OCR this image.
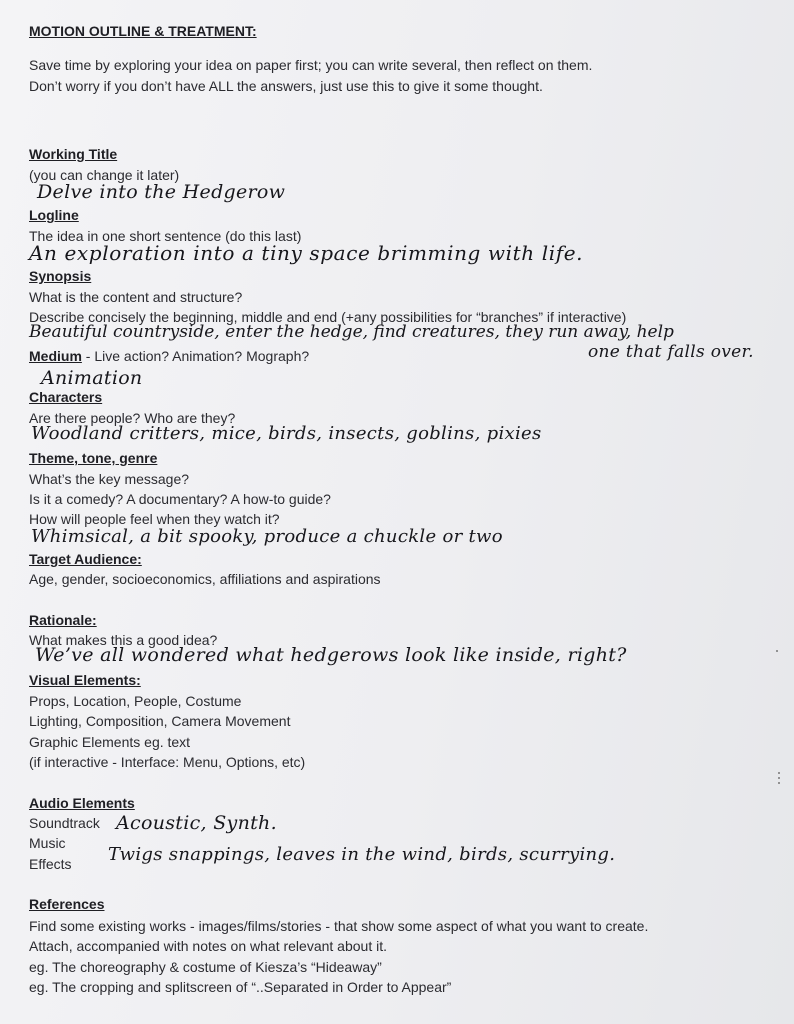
MOTION OUTLINE & TREATMENT:
Save time by exploring your idea on paper first; you can write several, then reflect on them.
Don’t worry if you don’t have ALL the answers, just use this to give it some thought.
Working Title
(you can change it later)
Delve into the Hedgerow
Logline
The idea in one short sentence (do this last)
An exploration into a tiny space brimming with life.
Synopsis
What is the content and structure?
Describe concisely the beginning, middle and end (+any possibilities for “branches” if interactive)
Beautiful countryside, enter the hedge, find creatures, they run away, help
one that falls over.
Medium - Live action? Animation? Mograph?
Animation
Characters
Are there people? Who are they?
Woodland critters, mice, birds, insects, goblins, pixies
Theme, tone, genre
What’s the key message?
Is it a comedy? A documentary? A how-to guide?
How will people feel when they watch it?
Whimsical, a bit spooky, produce a chuckle or two
Target Audience:
Age, gender, socioeconomics, affiliations and aspirations
Rationale:
What makes this a good idea?
We’ve all wondered what hedgerows look like inside, right?
Visual Elements:
Props, Location, People, Costume
Lighting, Composition, Camera Movement
Graphic Elements eg. text
(if interactive - Interface: Menu, Options, etc)
Audio Elements
Soundtrack
Music
Effects
Acoustic, Synth.
Twigs snappings, leaves in the wind, birds, scurrying.
References
Find some existing works - images/films/stories - that show some aspect of what you want to create.
Attach, accompanied with notes on what relevant about it.
eg. The choreography & costume of Kiesza’s “Hideaway”
eg. The cropping and splitscreen of “..Separated in Order to Appear”
